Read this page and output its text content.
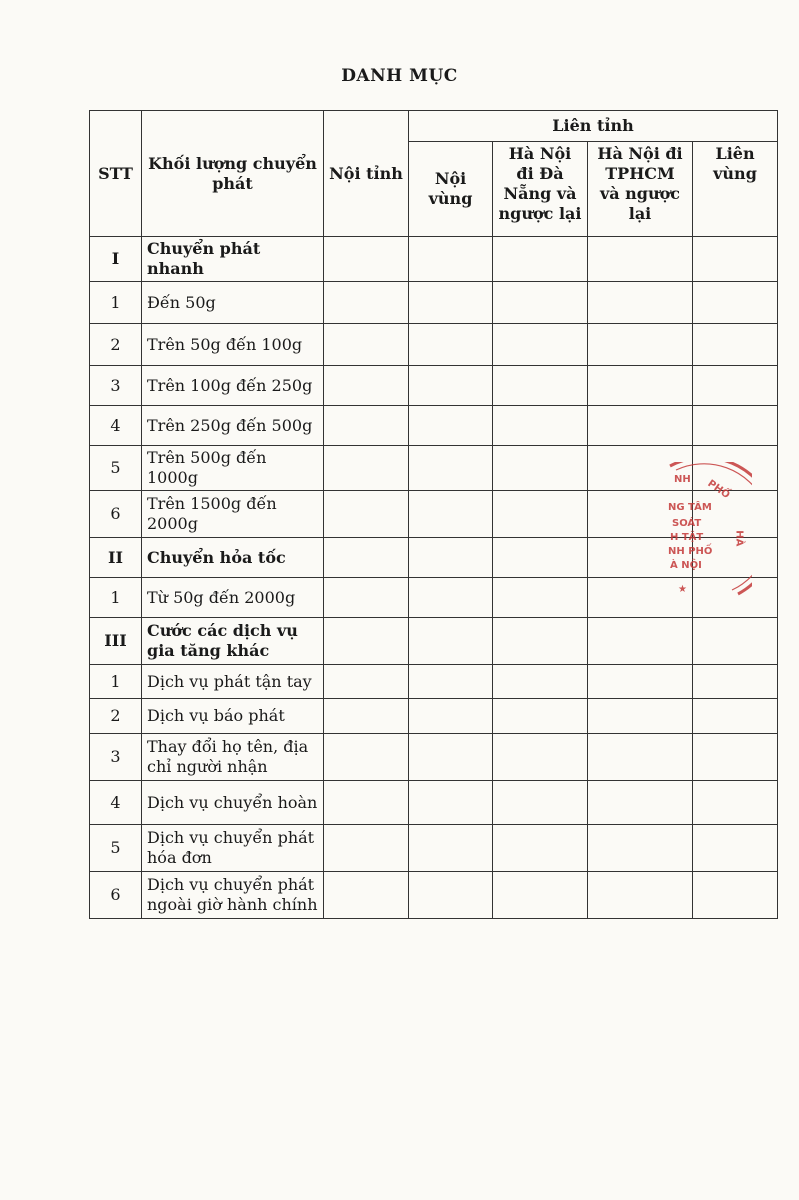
DANH MỤC
STT	Khối lượng chuyển phát	Nội tỉnh	Liên tỉnh			
			Nội vùng	Hà Nội đi Đà Nẵng và ngược lại	Hà Nội đi TPHCM và ngược lại	Liên vùng
I	Chuyển phát nhanh					
1	Đến 50g					
2	Trên 50g đến 100g					
3	Trên 100g đến 250g					
4	Trên 250g đến 500g					
5	Trên 500g đến 1000g					
6	Trên 1500g đến 2000g					
II	Chuyển hỏa tốc					
1	Từ 50g đến 2000g					
III	Cước các dịch vụ gia tăng khác					
1	Dịch vụ phát tận tay					
2	Dịch vụ báo phát					
3	Thay đổi họ tên, địa chỉ người nhận					
4	Dịch vụ chuyển hoàn					
5	Dịch vụ chuyển phát hóa đơn					
6	Dịch vụ chuyển phát ngoài giờ hành chính					
NH PHỐ
NG TÂM
SOÁT
H TẬT
NH PHỐ
À NỘI
HÀ
★
